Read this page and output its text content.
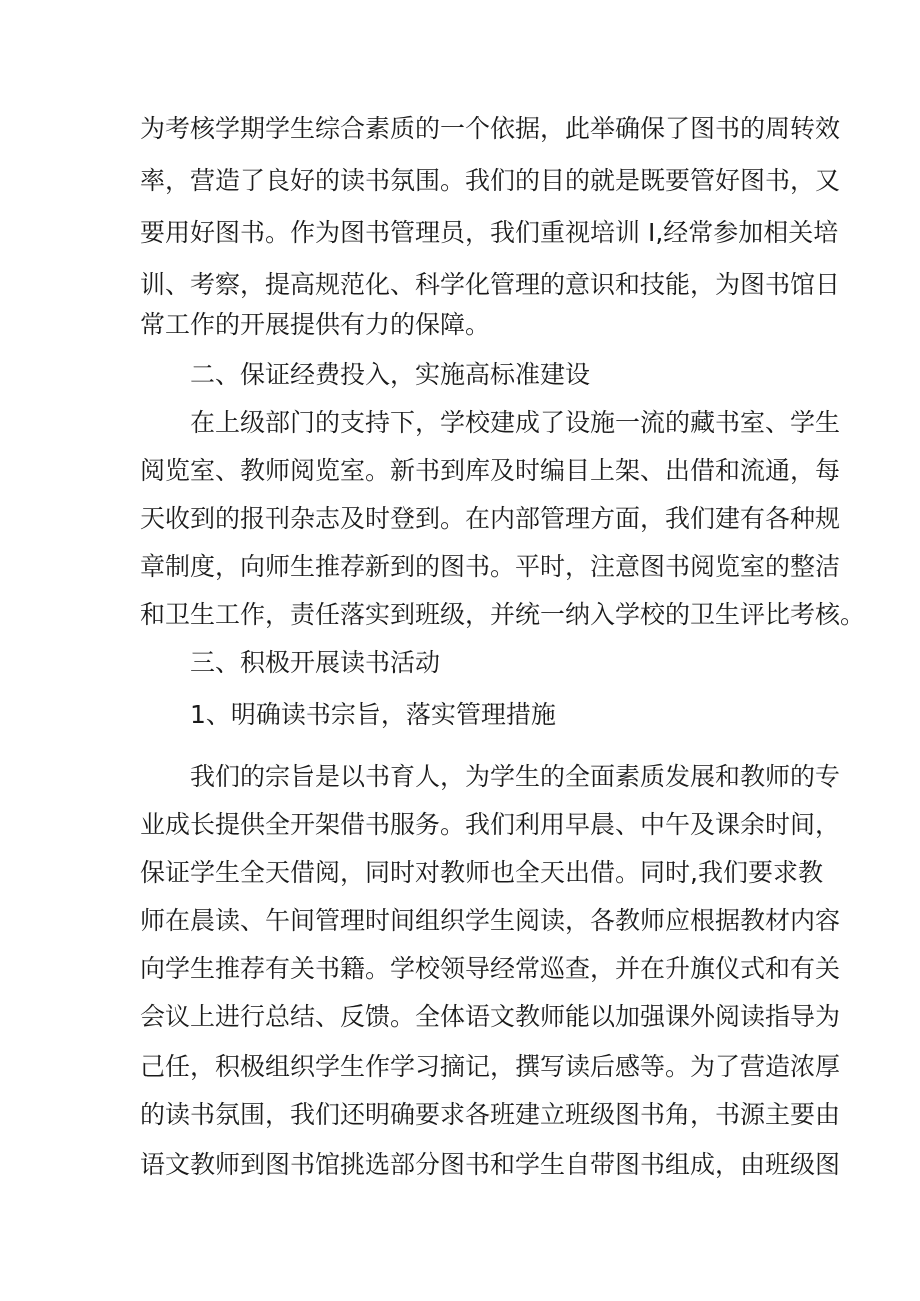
为考核学期学生综合素质的一个依据，此举确保了图书的周转效
率，营造了良好的读书氛围。我们的目的就是既要管好图书，又
要用好图书。作为图书管理员，我们重视培训 I,经常参加相关培
训、考察，提高规范化、科学化管理的意识和技能，为图书馆日
常工作的开展提供有力的保障。
二、保证经费投入，实施高标准建设
在上级部门的支持下，学校建成了设施一流的藏书室、学生
阅览室、教师阅览室。新书到库及时编目上架、出借和流通，每
天收到的报刊杂志及时登到。在内部管理方面，我们建有各种规
章制度，向师生推荐新到的图书。平时，注意图书阅览室的整洁
和卫生工作，责任落实到班级，并统一纳入学校的卫生评比考核。
三、积极开展读书活动
1、明确读书宗旨，落实管理措施
我们的宗旨是以书育人，为学生的全面素质发展和教师的专
业成长提供全开架借书服务。我们利用早晨、中午及课余时间，
保证学生全天借阅，同时对教师也全天出借。同时,我们要求教
师在晨读、午间管理时间组织学生阅读，各教师应根据教材内容
向学生推荐有关书籍。学校领导经常巡查，并在升旗仪式和有关
会议上进行总结、反馈。全体语文教师能以加强课外阅读指导为
己任，积极组织学生作学习摘记，撰写读后感等。为了营造浓厚
的读书氛围，我们还明确要求各班建立班级图书角，书源主要由
语文教师到图书馆挑选部分图书和学生自带图书组成，由班级图
